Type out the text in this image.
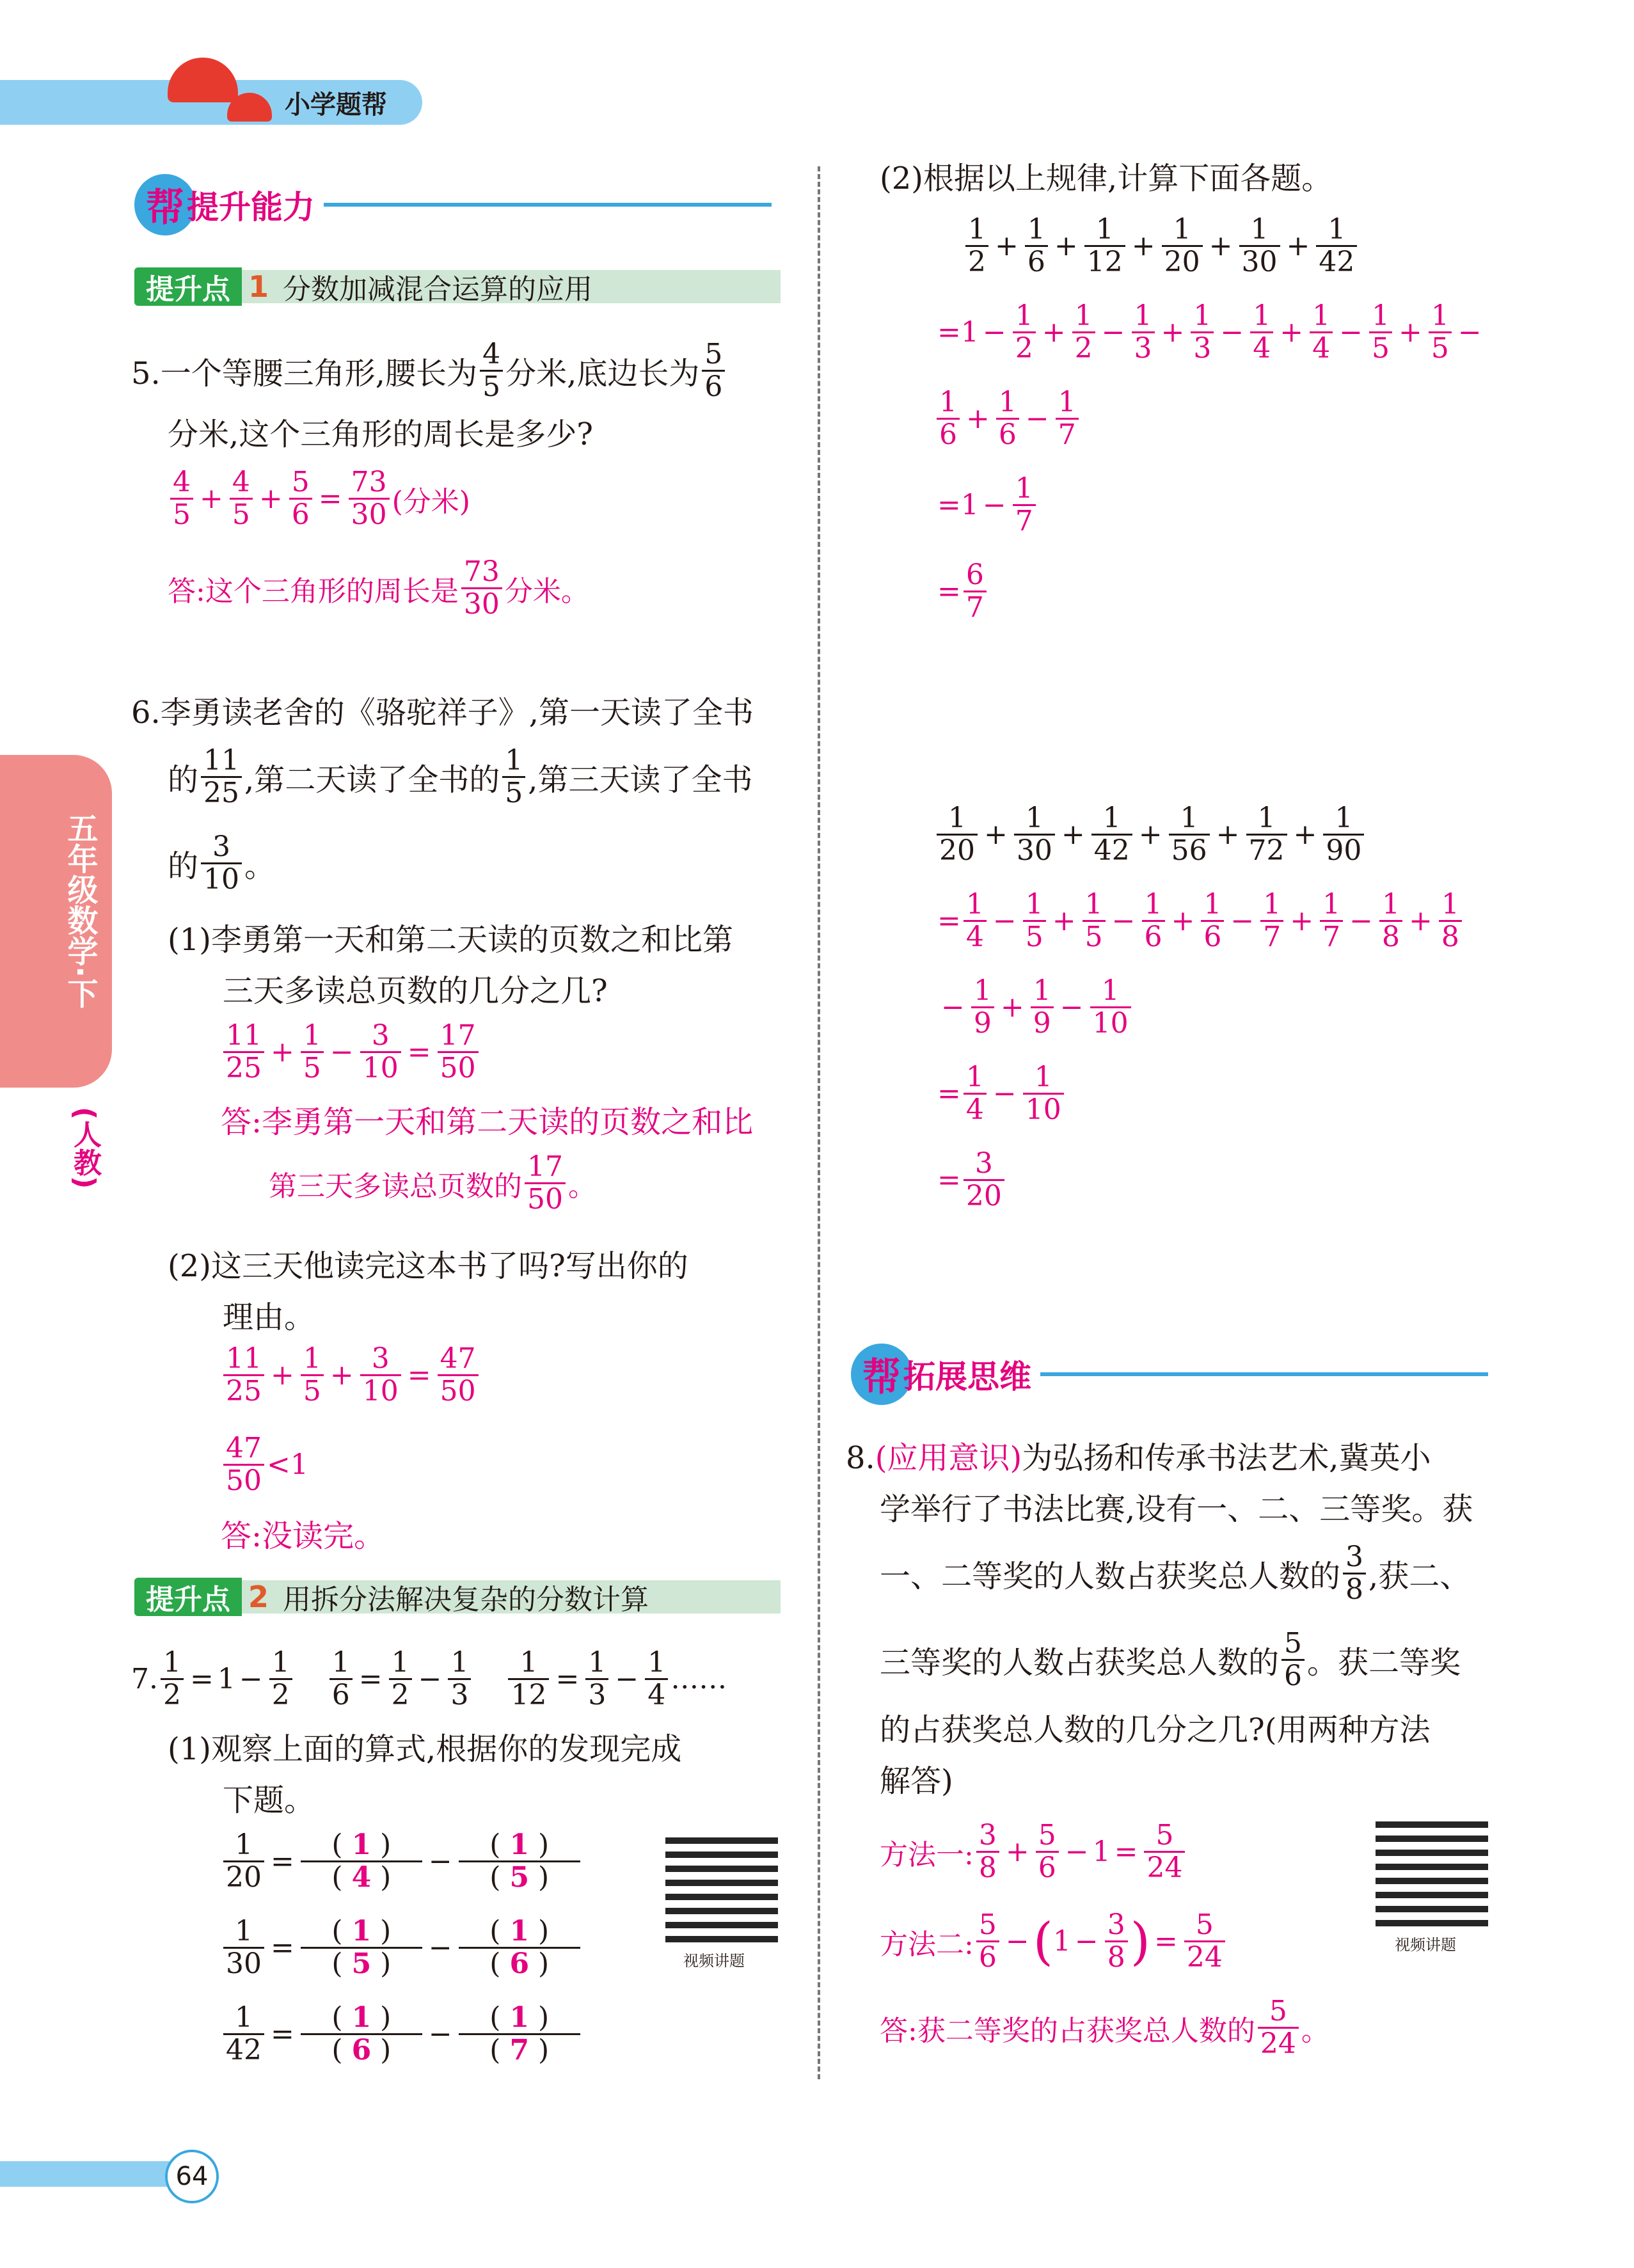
小学题帮
五年级数学·下
(人教)
帮 提升能力
提升点 1 分数加减混合运算的应用
5.一个等腰三角形,腰长为 $\frac{4}{5}$ 分米,底边长为 $\frac{5}{6}$
分米,这个三角形的周长是多少?
$\frac{4}{5} + \frac{4}{5} + \frac{5}{6} = \frac{73}{30}$ (分米)
答:这个三角形的周长是 $\frac{73}{30}$ 分米。
6.李勇读老舍的《骆驼祥子》,第一天读了全书
的 $\frac{11}{25}$ ,第二天读了全书的 $\frac{1}{5}$ ,第三天读了全书
的 $\frac{3}{10}$ 。
(1)李勇第一天和第二天读的页数之和比第
三天多读总页数的几分之几?
$\frac{11}{25} + \frac{1}{5} - \frac{3}{10} = \frac{17}{50}$
答:李勇第一天和第二天读的页数之和比
第三天多读总页数的 $\frac{17}{50}$ 。
(2)这三天他读完这本书了吗?写出你的
理由。
$\frac{11}{25} + \frac{1}{5} + \frac{3}{10} = \frac{47}{50}$
$\frac{47}{50} <1$
答:没读完。
提升点 2 用拆分法解决复杂的分数计算
7. $\frac{1}{2} = 1 - \frac{1}{2} \frac{1}{6} = \frac{1}{2} - \frac{1}{3} \frac{1}{12} = \frac{1}{3} - \frac{1}{4}$ ……
(1)观察上面的算式,根据你的发现完成
下题。
$\frac{1}{20} = \frac{( 1 )}{( 4 )} - \frac{( 1 )}{( 5 )}$
$\frac{1}{30} = \frac{( 1 )}{( 5 )} - \frac{( 1 )}{( 6 )}$
$\frac{1}{42} = \frac{( 1 )}{( 6 )} - \frac{( 1 )}{( 7 )}$
视频讲题
(2)根据以上规律,计算下面各题。
$\frac{1}{2} + \frac{1}{6} + \frac{1}{12} + \frac{1}{20} + \frac{1}{30} + \frac{1}{42}$
$=1 - \frac{1}{2} + \frac{1}{2} - \frac{1}{3} + \frac{1}{3} - \frac{1}{4} + \frac{1}{4} - \frac{1}{5} + \frac{1}{5}$ −
$\frac{1}{6} + \frac{1}{6} - \frac{1}{7}$
$=1 - \frac{1}{7}$
= $\frac{6}{7}$
$\frac{1}{20} + \frac{1}{30} + \frac{1}{42} + \frac{1}{56} + \frac{1}{72} + \frac{1}{90}$
= $\frac{1}{4} - \frac{1}{5} + \frac{1}{5} - \frac{1}{6} + \frac{1}{6} - \frac{1}{7} + \frac{1}{7} - \frac{1}{8} + \frac{1}{8}$
− $\frac{1}{9} + \frac{1}{9} - \frac{1}{10}$
= $\frac{1}{4} - \frac{1}{10}$
= $\frac{3}{20}$
帮 拓展思维
8.(应用意识)为弘扬和传承书法艺术,冀英小
学举行了书法比赛,设有一、二、三等奖。获
一、二等奖的人数占获奖总人数的 $\frac{3}{8}$ ,获二、
三等奖的人数占获奖总人数的 $\frac{5}{6}$ 。获二等奖
的占获奖总人数的几分之几?(用两种方法
解答)
方法一: $\frac{3}{8} + \frac{5}{6} - 1 = \frac{5}{24}$
方法二: $\frac{5}{6}$ − ( $1 - \frac{3}{8}$ ) = $\frac{5}{24}$
答:获二等奖的占获奖总人数的 $\frac{5}{24}$ 。
视频讲题
64
